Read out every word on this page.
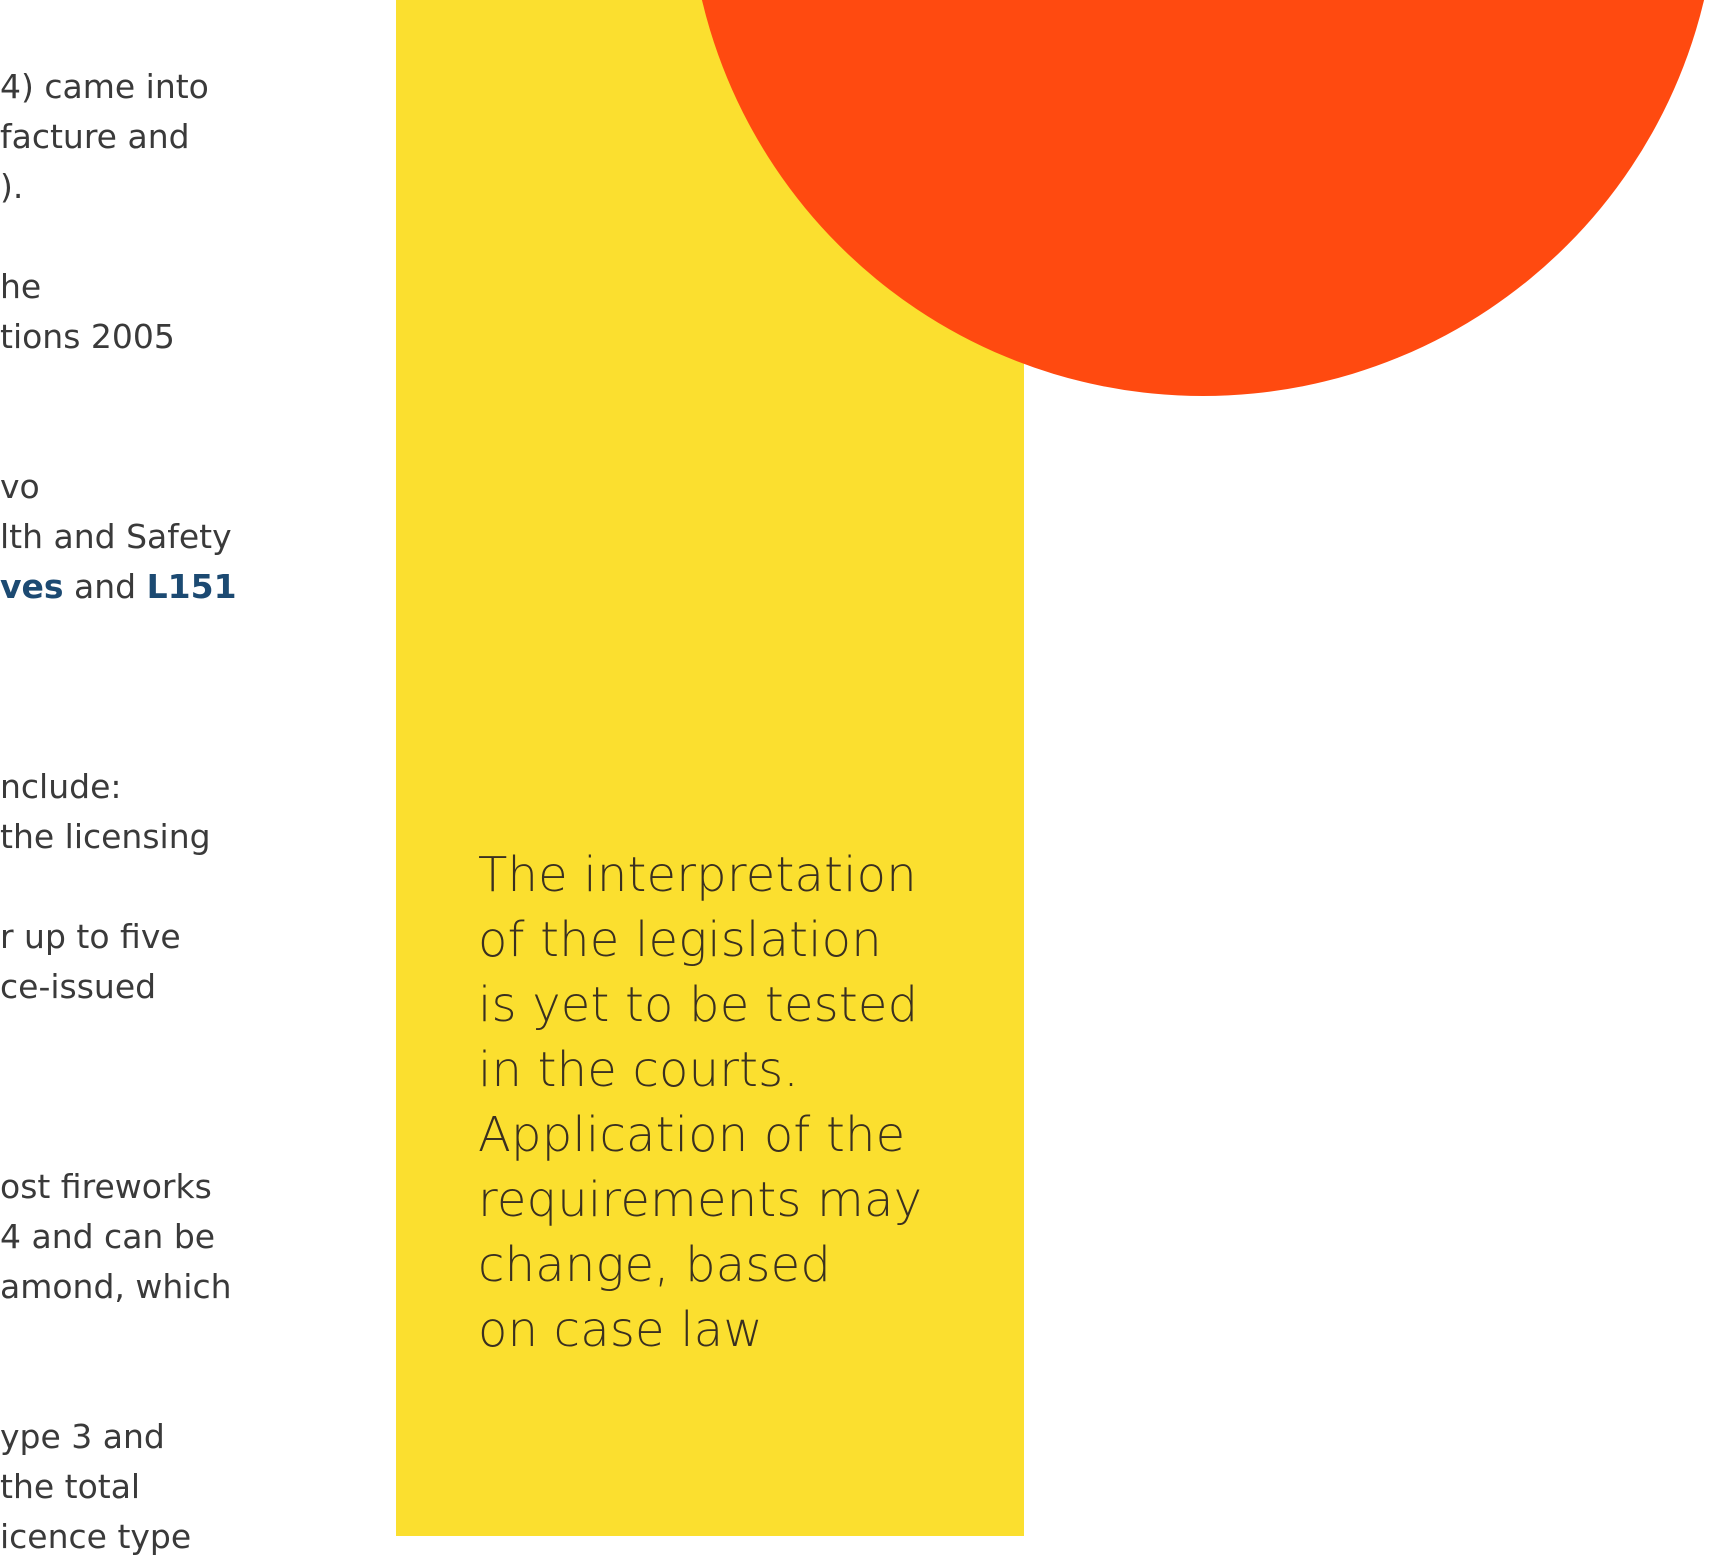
4) came into
facture and
).
he
tions 2005
vo
lth and Safety
ves and L151
nclude:
the licensing
r up to five
ce-issued
ost fireworks
4 and can be
amond, which
ype 3 and
the total
icence type
The interpretation
of the legislation
is yet to be tested
in the courts.
Application of the
requirements may
change, based
on case law
